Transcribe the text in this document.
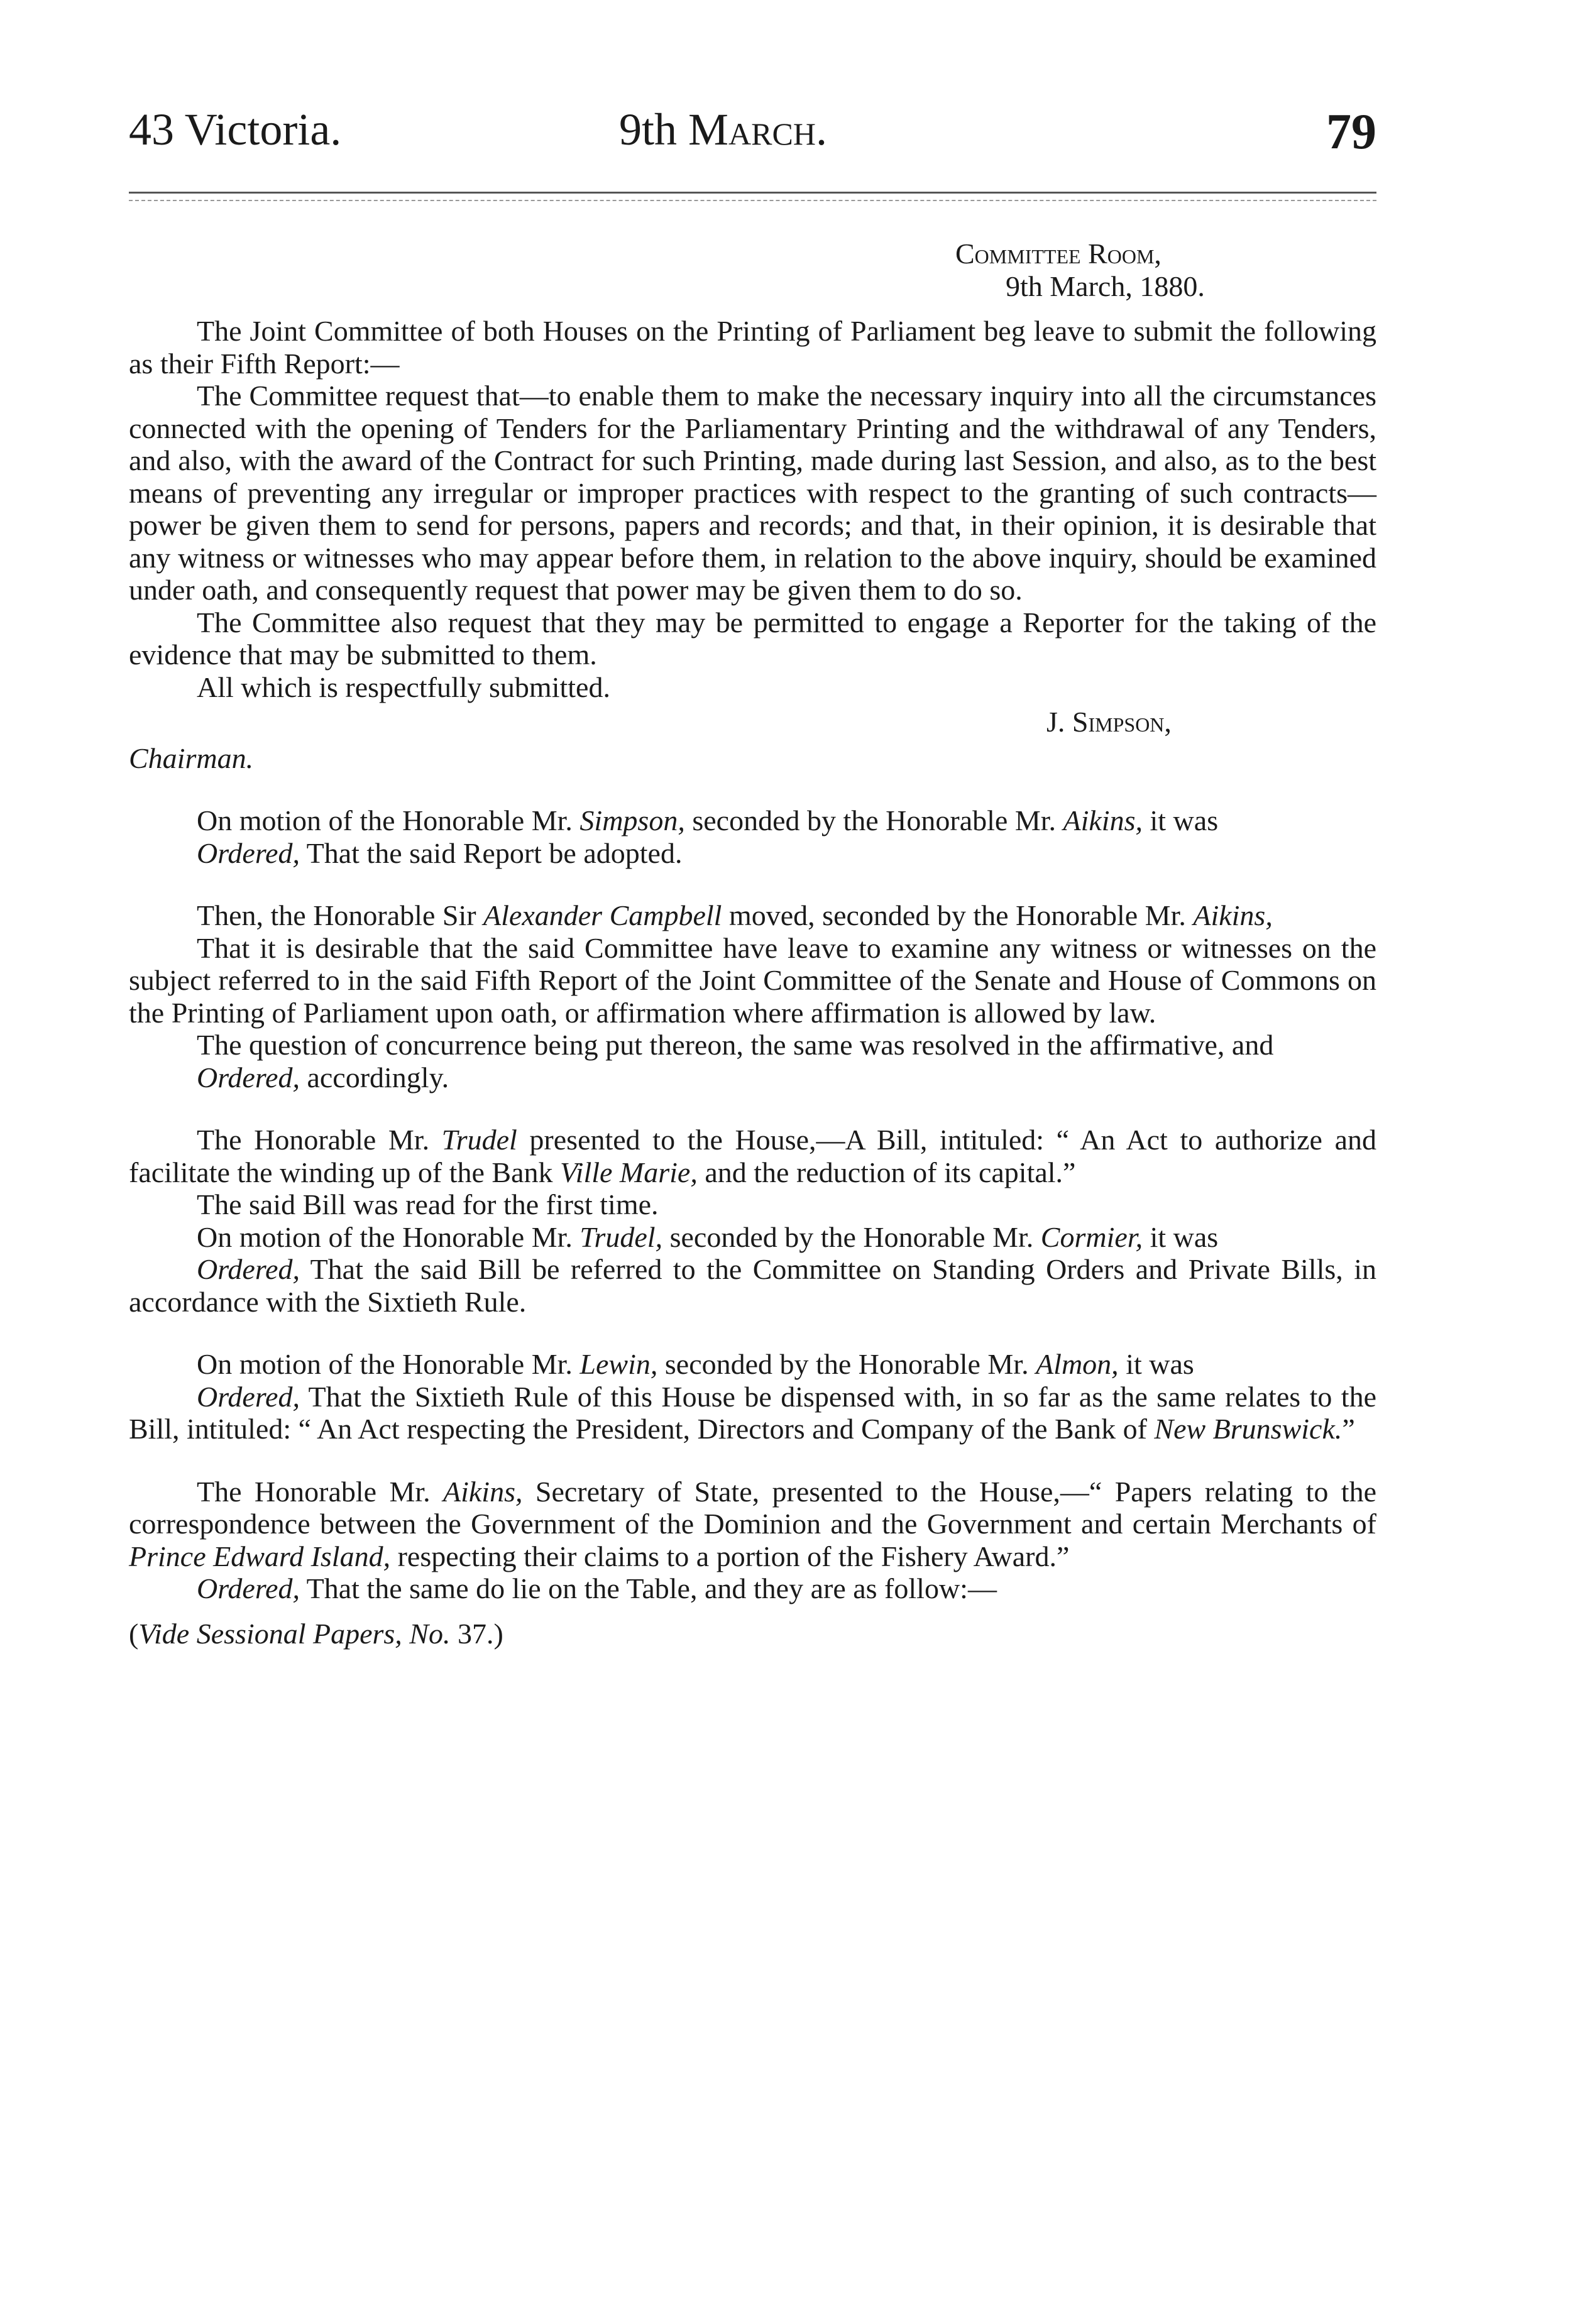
43 Victoria.	9th March.	79

Committee Room,

9th March, 1880.

The Joint Committee of both Houses on the Printing of Parliament beg leave to submit the following as their Fifth Report:—

The Committee request that—to enable them to make the necessary inquiry into all the circumstances connected with the opening of Tenders for the Parliamentary Printing and the withdrawal of any Tenders, and also, with the award of the Contract for such Printing, made during last Session, and also, as to the best means of preventing any irregular or improper practices with respect to the granting of such contracts—power be given them to send for persons, papers and records; and that, in their opinion, it is desirable that any witness or witnesses who may appear before them, in relation to the above inquiry, should be examined under oath, and consequently request that power may be given them to do so.

The Committee also request that they may be permitted to engage a Reporter for the taking of the evidence that may be submitted to them.

All which is respectfully submitted.

J. Simpson,

Chairman.

On motion of the Honorable Mr. Simpson, seconded by the Honorable Mr. Aikins, it was

Ordered, That the said Report be adopted.

Then, the Honorable Sir Alexander Campbell moved, seconded by the Honorable Mr. Aikins,

That it is desirable that the said Committee have leave to examine any witness or witnesses on the subject referred to in the said Fifth Report of the Joint Committee of the Senate and House of Commons on the Printing of Parliament upon oath, or affirmation where affirmation is allowed by law.

The question of concurrence being put thereon, the same was resolved in the affirmative, and

Ordered, accordingly.

The Honorable Mr. Trudel presented to the House,—A Bill, intituled: “ An Act to authorize and facilitate the winding up of the Bank Ville Marie, and the reduction of its capital.”

The said Bill was read for the first time.

On motion of the Honorable Mr. Trudel, seconded by the Honorable Mr. Cormier, it was

Ordered, That the said Bill be referred to the Committee on Standing Orders and Private Bills, in accordance with the Sixtieth Rule.

On motion of the Honorable Mr. Lewin, seconded by the Honorable Mr. Almon, it was

Ordered, That the Sixtieth Rule of this House be dispensed with, in so far as the same relates to the Bill, intituled: “ An Act respecting the President, Directors and Company of the Bank of New Brunswick.”

The Honorable Mr. Aikins, Secretary of State, presented to the House,—“ Papers relating to the correspondence between the Government of the Dominion and the Government and certain Merchants of Prince Edward Island, respecting their claims to a portion of the Fishery Award.”

Ordered, That the same do lie on the Table, and they are as follow:—

(Vide Sessional Papers, No. 37.)
